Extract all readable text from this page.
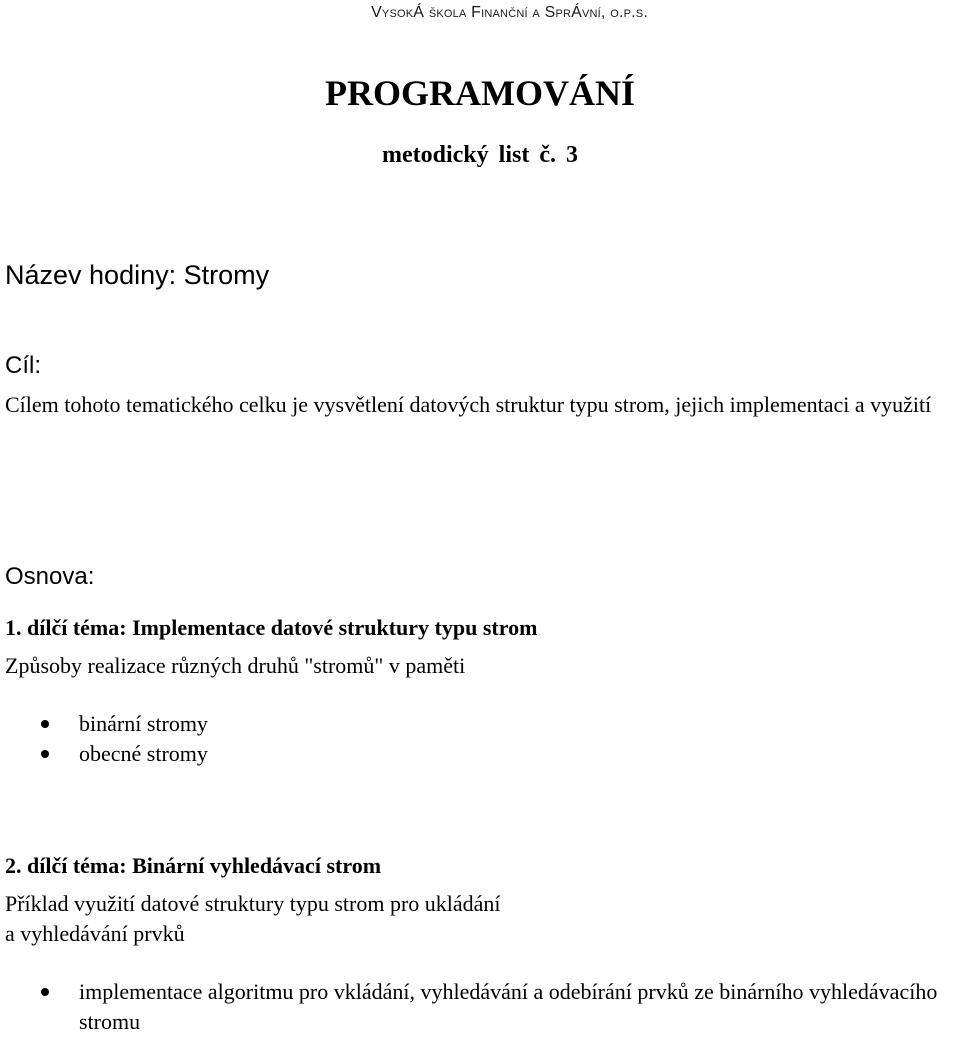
VysokÁ škola Finanční a SprÁvní, o.p.s.
PROGRAMOVÁNÍ
metodický list č. 3
Název hodiny: Stromy
Cíl:
Cílem tohoto tematického celku je vysvětlení datových struktur typu strom, jejich implementaci a využití
Osnova:
1. dílčí téma: Implementace datové struktury typu strom
Způsoby realizace různých druhů "stromů" v paměti
binární stromy
obecné stromy
2. dílčí téma: Binární vyhledávací strom
Příklad využití datové struktury typu strom pro ukládání a vyhledávání prvků
implementace algoritmu pro vkládání, vyhledávání a odebírání prvků ze binárního vyhledávacího stromu
